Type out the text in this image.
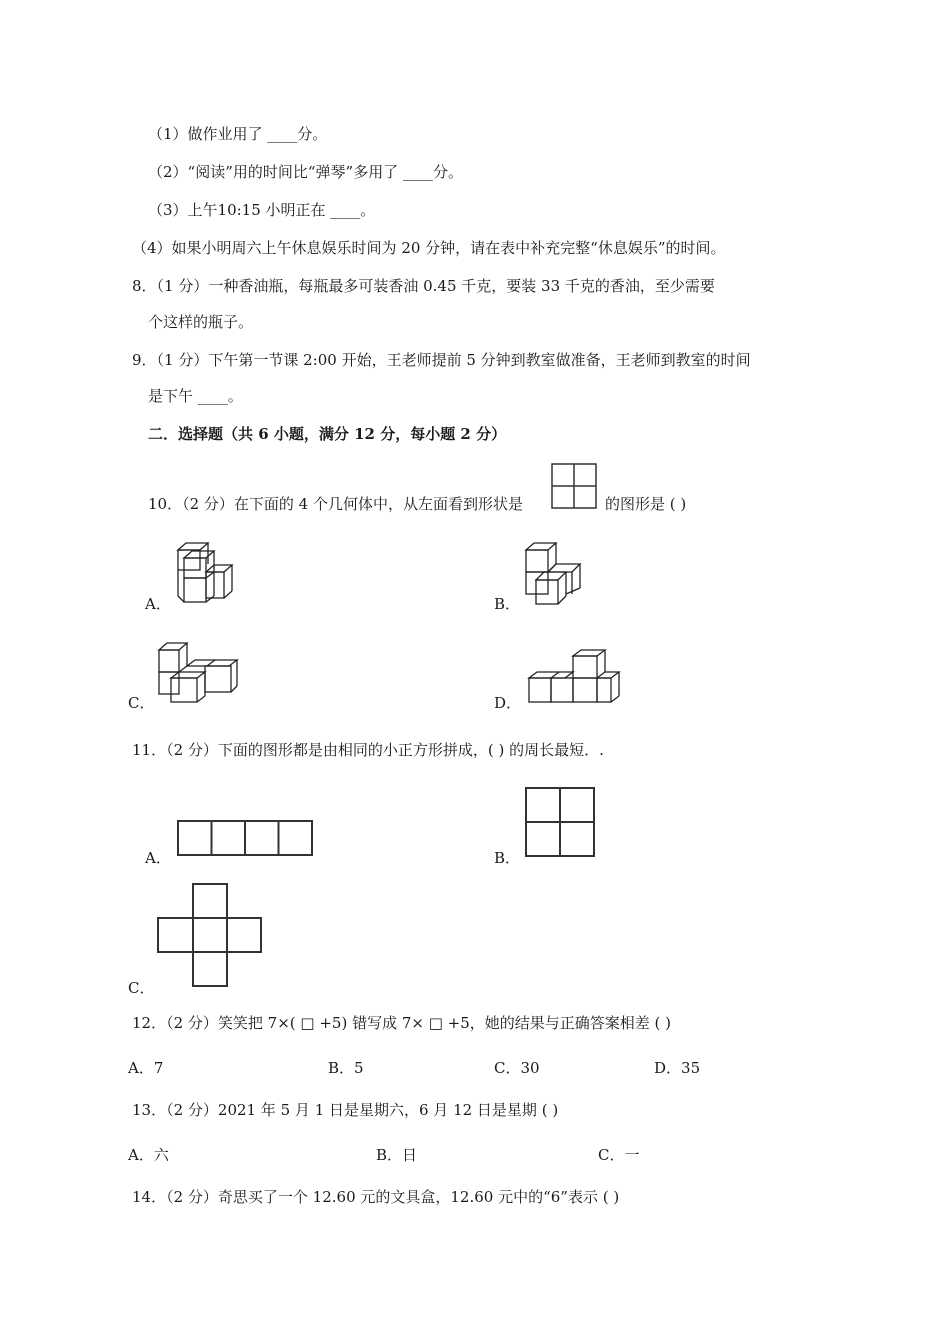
（1）做作业用了 ____分。
（2）“阅读”用的时间比“弹琴”多用了 ____分。
（3）上午10:15 小明正在 ____。
（4）如果小明周六上午休息娱乐时间为 20 分钟，请在表中补充完整“休息娱乐”的时间。
8．（1 分）一种香油瓶，每瓶最多可装香油 0.45 千克，要装 33 千克的香油，至少需要
个这样的瓶子。
9．（1 分）下午第一节课 2:00 开始，王老师提前 5 分钟到教室做准备，王老师到教室的时间
是下午 ____。
二．选择题（共 6 小题，满分 12 分，每小题 2 分）
10．（2 分）在下面的 4 个几何体中，从左面看到形状是	的图形是 ( )
A．	B．
C．	D．
11．（2 分）下面的图形都是由相同的小正方形拼成，( ) 的周长最短．.
A．	B．
C．
12．（2 分）笑笑把 7×( □ +5) 错写成 7× □ +5，她的结果与正确答案相差 ( )
A．7	B．5	C．30	D．35
13．（2 分）2021 年 5 月 1 日是星期六，6 月 12 日是星期 ( )
A．六	B．日	C．一
14．（2 分）奇思买了一个 12.60 元的文具盒，12.60 元中的“6”表示 ( )
